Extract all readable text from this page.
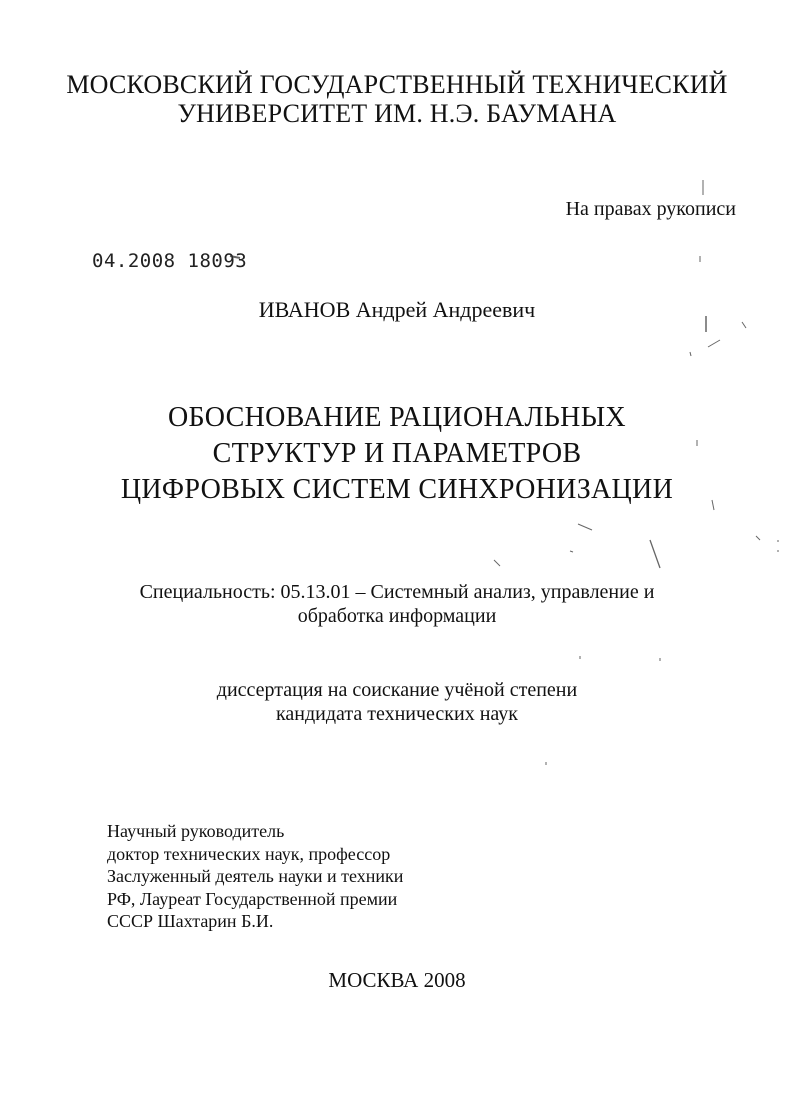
МОСКОВСКИЙ ГОСУДАРСТВЕННЫЙ ТЕХНИЧЕСКИЙ
УНИВЕРСИТЕТ ИМ. Н.Э. БАУМАНА
На правах рукописи
04.2008 18093
ИВАНОВ Андрей Андреевич
ОБОСНОВАНИЕ РАЦИОНАЛЬНЫХ
СТРУКТУР И ПАРАМЕТРОВ
ЦИФРОВЫХ СИСТЕМ СИНХРОНИЗАЦИИ
Специальность: 05.13.01 – Системный анализ, управление и
обработка информации
диссертация на соискание учёной степени
кандидата технических наук
Научный руководитель
доктор технических наук, профессор
Заслуженный деятель науки и техники
РФ, Лауреат Государственной премии
СССР Шахтарин Б.И.
МОСКВА 2008
